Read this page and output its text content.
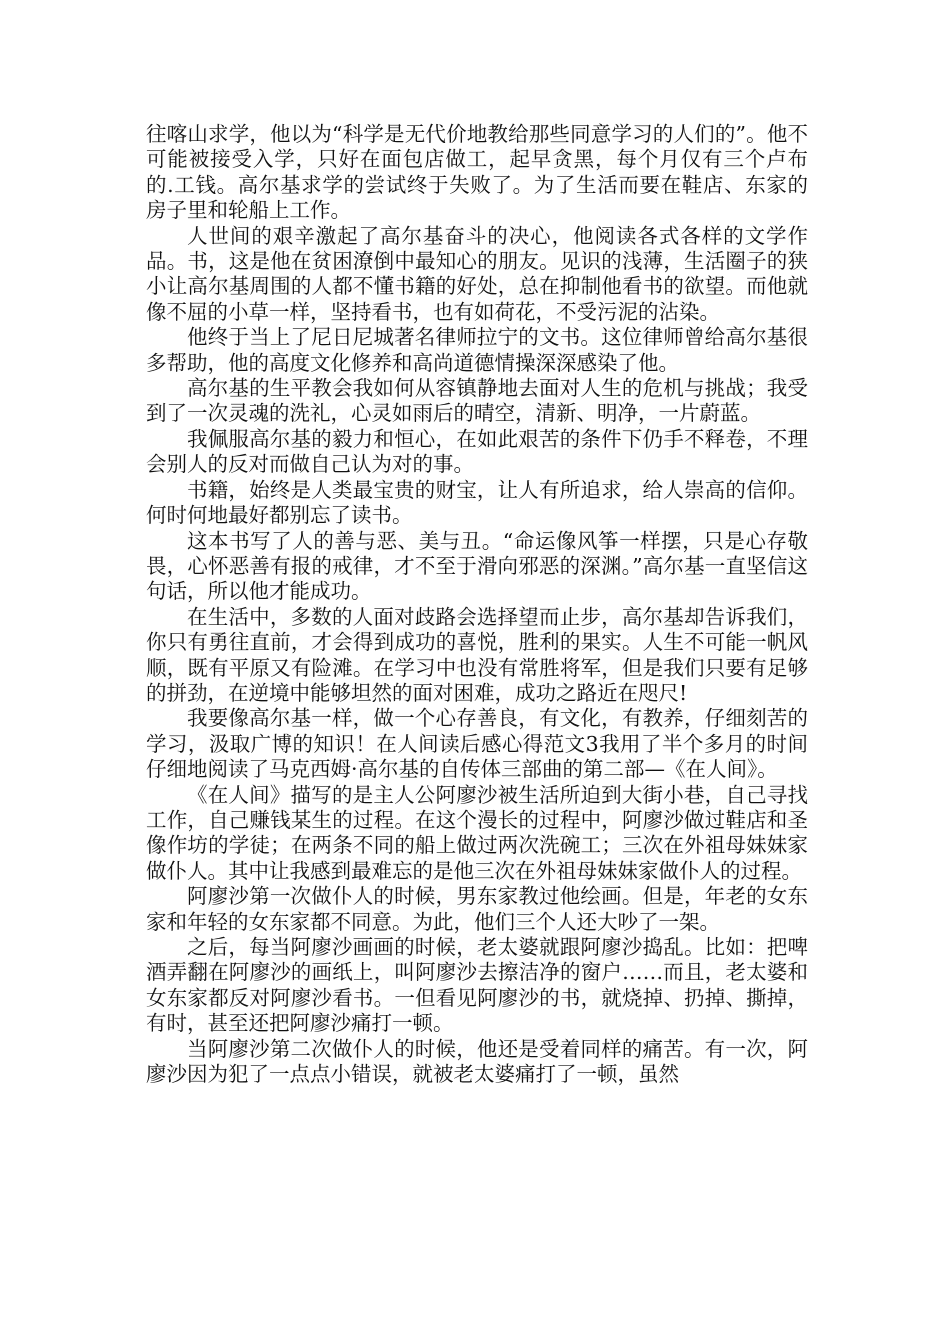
往喀山求学，他以为“科学是无代价地教给那些同意学习的人们的”。他不可能被接受入学，只好在面包店做工，起早贪黑，每个月仅有三个卢布的.工钱。高尔基求学的尝试终于失败了。为了生活而要在鞋店、东家的房子里和轮船上工作。

人世间的艰辛激起了高尔基奋斗的决心，他阅读各式各样的文学作品。书，这是他在贫困潦倒中最知心的朋友。见识的浅薄，生活圈子的狭小让高尔基周围的人都不懂书籍的好处，总在抑制他看书的欲望。而他就像不屈的小草一样，坚持看书，也有如荷花，不受污泥的沾染。

他终于当上了尼日尼城著名律师拉宁的文书。这位律师曾给高尔基很多帮助，他的高度文化修养和高尚道德情操深深感染了他。

高尔基的生平教会我如何从容镇静地去面对人生的危机与挑战；我受到了一次灵魂的洗礼，心灵如雨后的晴空，清新、明净，一片蔚蓝。

我佩服高尔基的毅力和恒心，在如此艰苦的条件下仍手不释卷，不理会别人的反对而做自己认为对的事。

书籍，始终是人类最宝贵的财宝，让人有所追求，给人崇高的信仰。何时何地最好都别忘了读书。

这本书写了人的善与恶、美与丑。“命运像风筝一样摆，只是心存敬畏，心怀恶善有报的戒律，才不至于滑向邪恶的深渊。”高尔基一直坚信这句话，所以他才能成功。

在生活中，多数的人面对歧路会选择望而止步，高尔基却告诉我们，你只有勇往直前，才会得到成功的喜悦，胜利的果实。人生不可能一帆风顺，既有平原又有险滩。在学习中也没有常胜将军，但是我们只要有足够的拼劲，在逆境中能够坦然的面对困难，成功之路近在咫尺!

我要像高尔基一样，做一个心存善良，有文化，有教养，仔细刻苦的学习，汲取广博的知识！在人间读后感心得范文3我用了半个多月的时间仔细地阅读了马克西姆·高尔基的自传体三部曲的第二部—《在人间》。

《在人间》描写的是主人公阿廖沙被生活所迫到大街小巷，自己寻找工作，自己赚钱某生的过程。在这个漫长的过程中，阿廖沙做过鞋店和圣像作坊的学徒；在两条不同的船上做过两次洗碗工；三次在外祖母妹妹家做仆人。其中让我感到最难忘的是他三次在外祖母妹妹家做仆人的过程。

阿廖沙第一次做仆人的时候，男东家教过他绘画。但是，年老的女东家和年轻的女东家都不同意。为此，他们三个人还大吵了一架。

之后，每当阿廖沙画画的时候，老太婆就跟阿廖沙捣乱。比如：把啤酒弄翻在阿廖沙的画纸上，叫阿廖沙去擦洁净的窗户……而且，老太婆和女东家都反对阿廖沙看书。一但看见阿廖沙的书，就烧掉、扔掉、撕掉，有时，甚至还把阿廖沙痛打一顿。

当阿廖沙第二次做仆人的时候，他还是受着同样的痛苦。有一次，阿廖沙因为犯了一点点小错误，就被老太婆痛打了一顿，虽然
